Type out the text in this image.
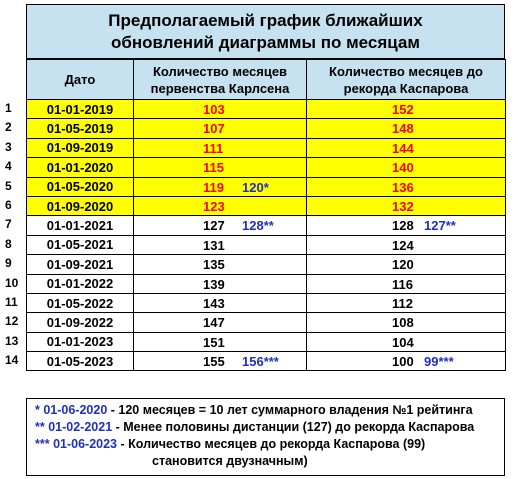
Предполагаемый график ближайших
обновлений диаграммы по месяцам
Дато	Количество месяцев первенства Карлсена	Количество месяцев до рекорда Каспарова
01-01-2019	103	152

01-05-2019	107	148

01-09-2019	111	144

01-01-2020	115	140

01-05-2020	119 120*	136

01-09-2020	123	132

01-01-2021	127 128**	128 127**

01-05-2021	131	124

01-09-2021	135	120

01-01-2022	139	116

01-05-2022	143	112

01-09-2022	147	108

01-01-2023	151	104

01-05-2023	155 156***	100 99***
1
2
3
4
5
6
7
8
9
10
11
12
13
14
* 01-06-2020 - 120 месяцев = 10 лет суммарного владения №1 рейтинга
** 01-02-2021 - Менее половины дистанции (127) до рекорда Каспарова
*** 01-06-2023 - Количество месяцев до рекорда Каспарова (99)
становится двузначным)
